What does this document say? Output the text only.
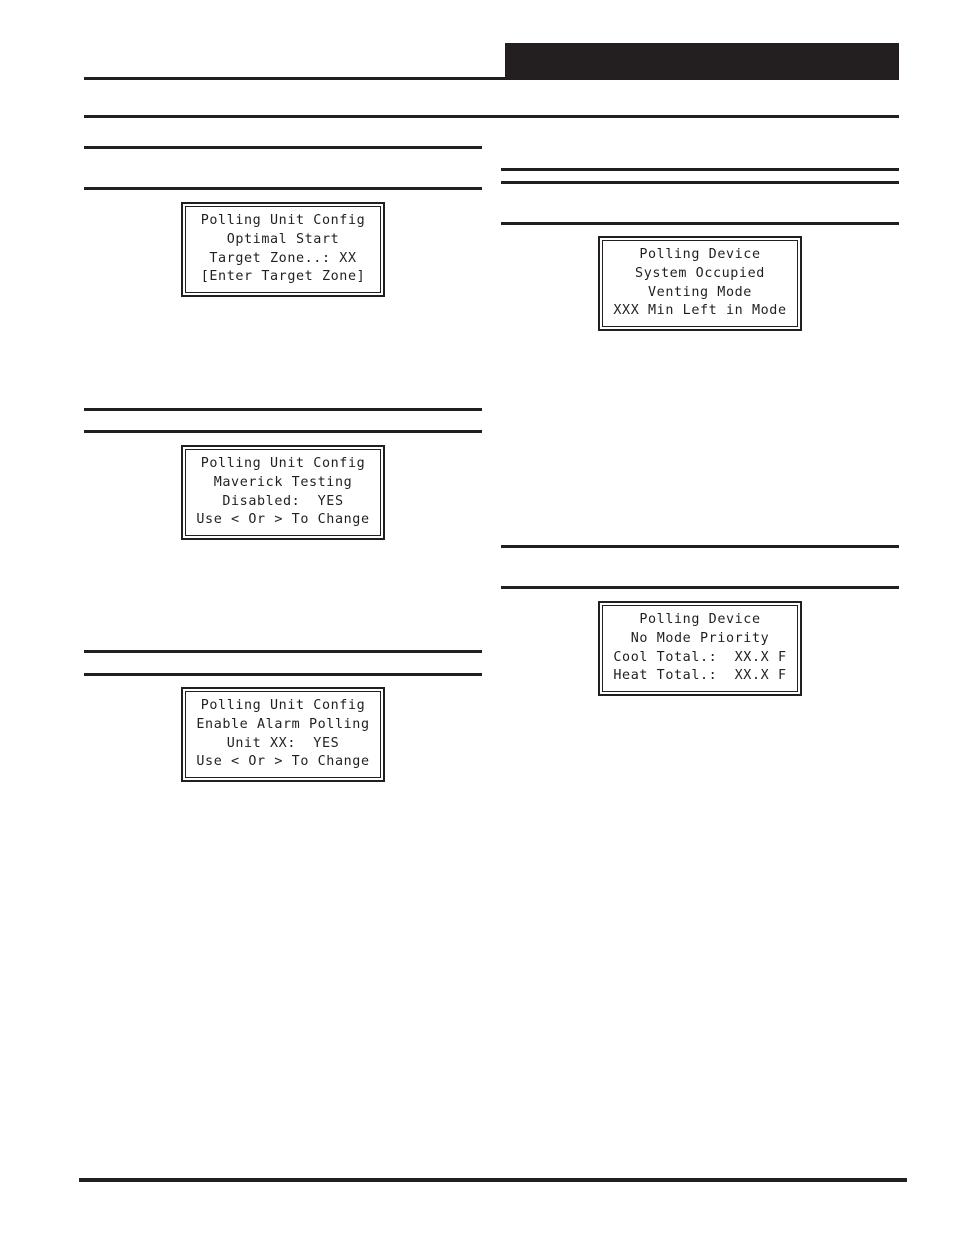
Polling Unit Config
Optimal Start
Target Zone..: XX
[Enter Target Zone]
Polling Unit Config
Maverick Testing
Disabled:  YES
Use < Or > To Change
Polling Unit Config
Enable Alarm Polling
Unit XX:  YES
Use < Or > To Change
Polling Device
System Occupied
Venting Mode
XXX Min Left in Mode
Polling Device
No Mode Priority
Cool Total.:  XX.X F
Heat Total.:  XX.X F
